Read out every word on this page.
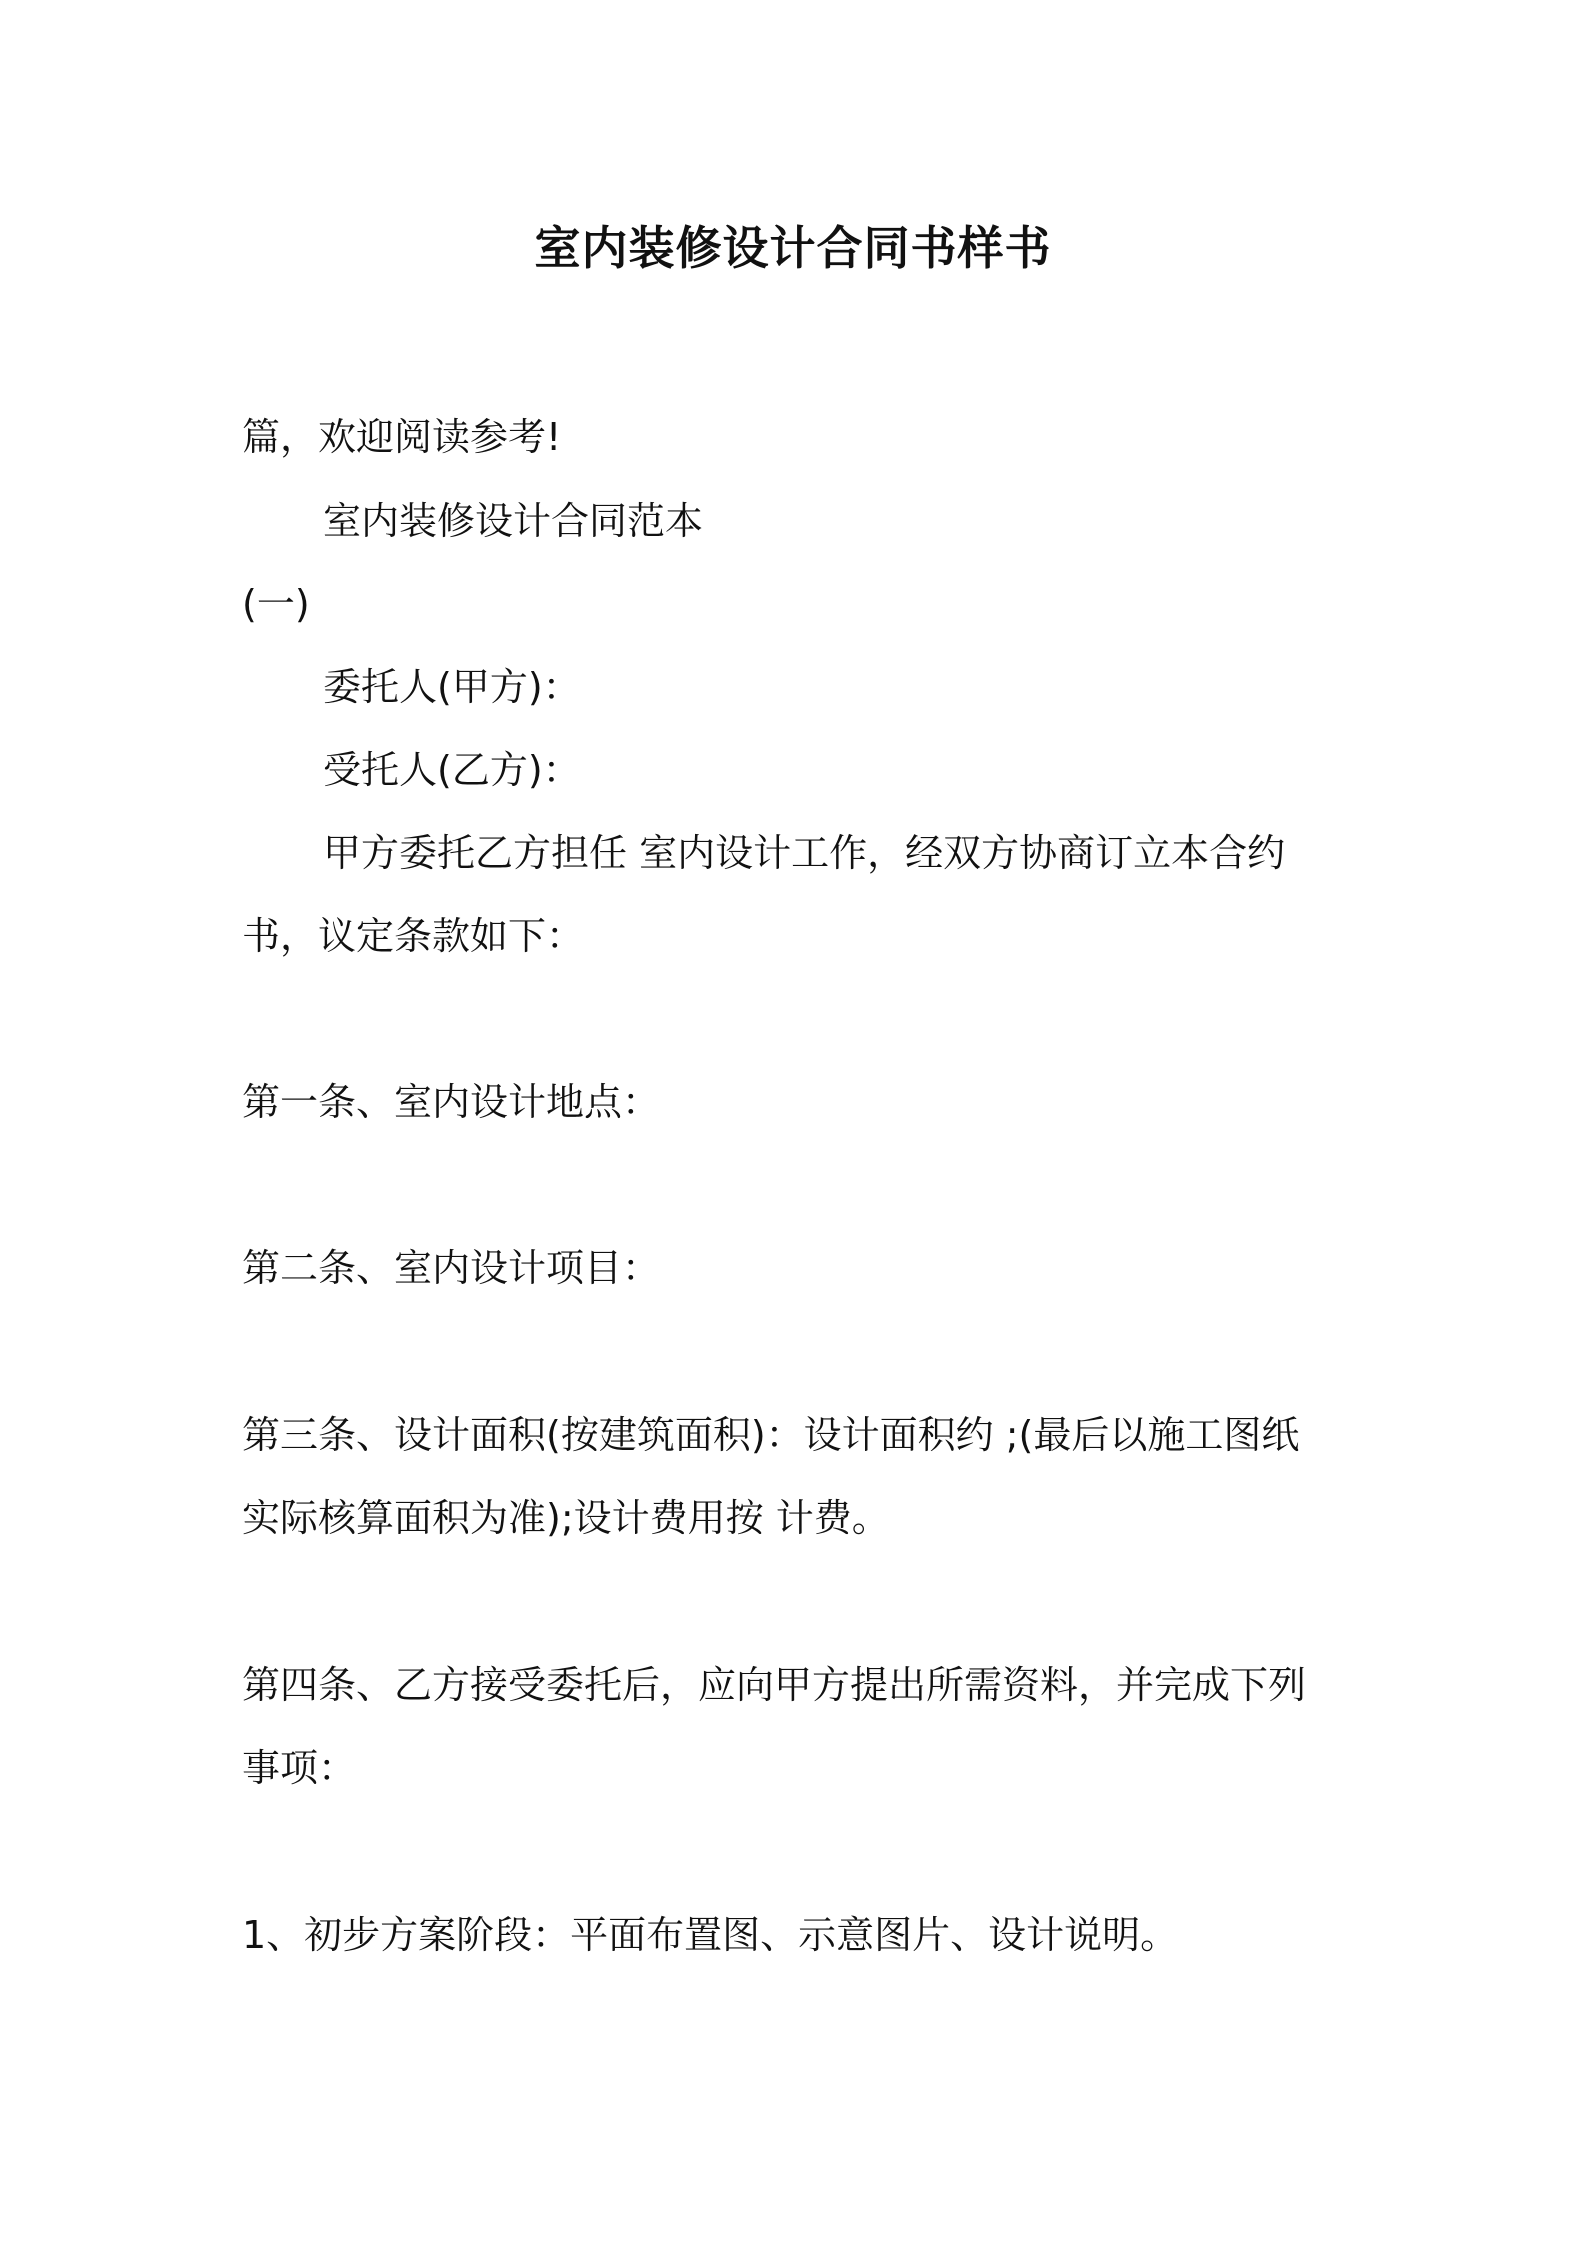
室内装修设计合同书样书
篇，欢迎阅读参考!
室内装修设计合同范本
(一)
委托人(甲方)：
受托人(乙方)：
甲方委托乙方担任 室内设计工作，经双方协商订立本合约
书，议定条款如下：
第一条、室内设计地点：
第二条、室内设计项目：
第三条、设计面积(按建筑面积)：设计面积约 ;(最后以施工图纸
实际核算面积为准);设计费用按 计费。
第四条、乙方接受委托后，应向甲方提出所需资料，并完成下列
事项：
1、初步方案阶段：平面布置图、示意图片、设计说明。
